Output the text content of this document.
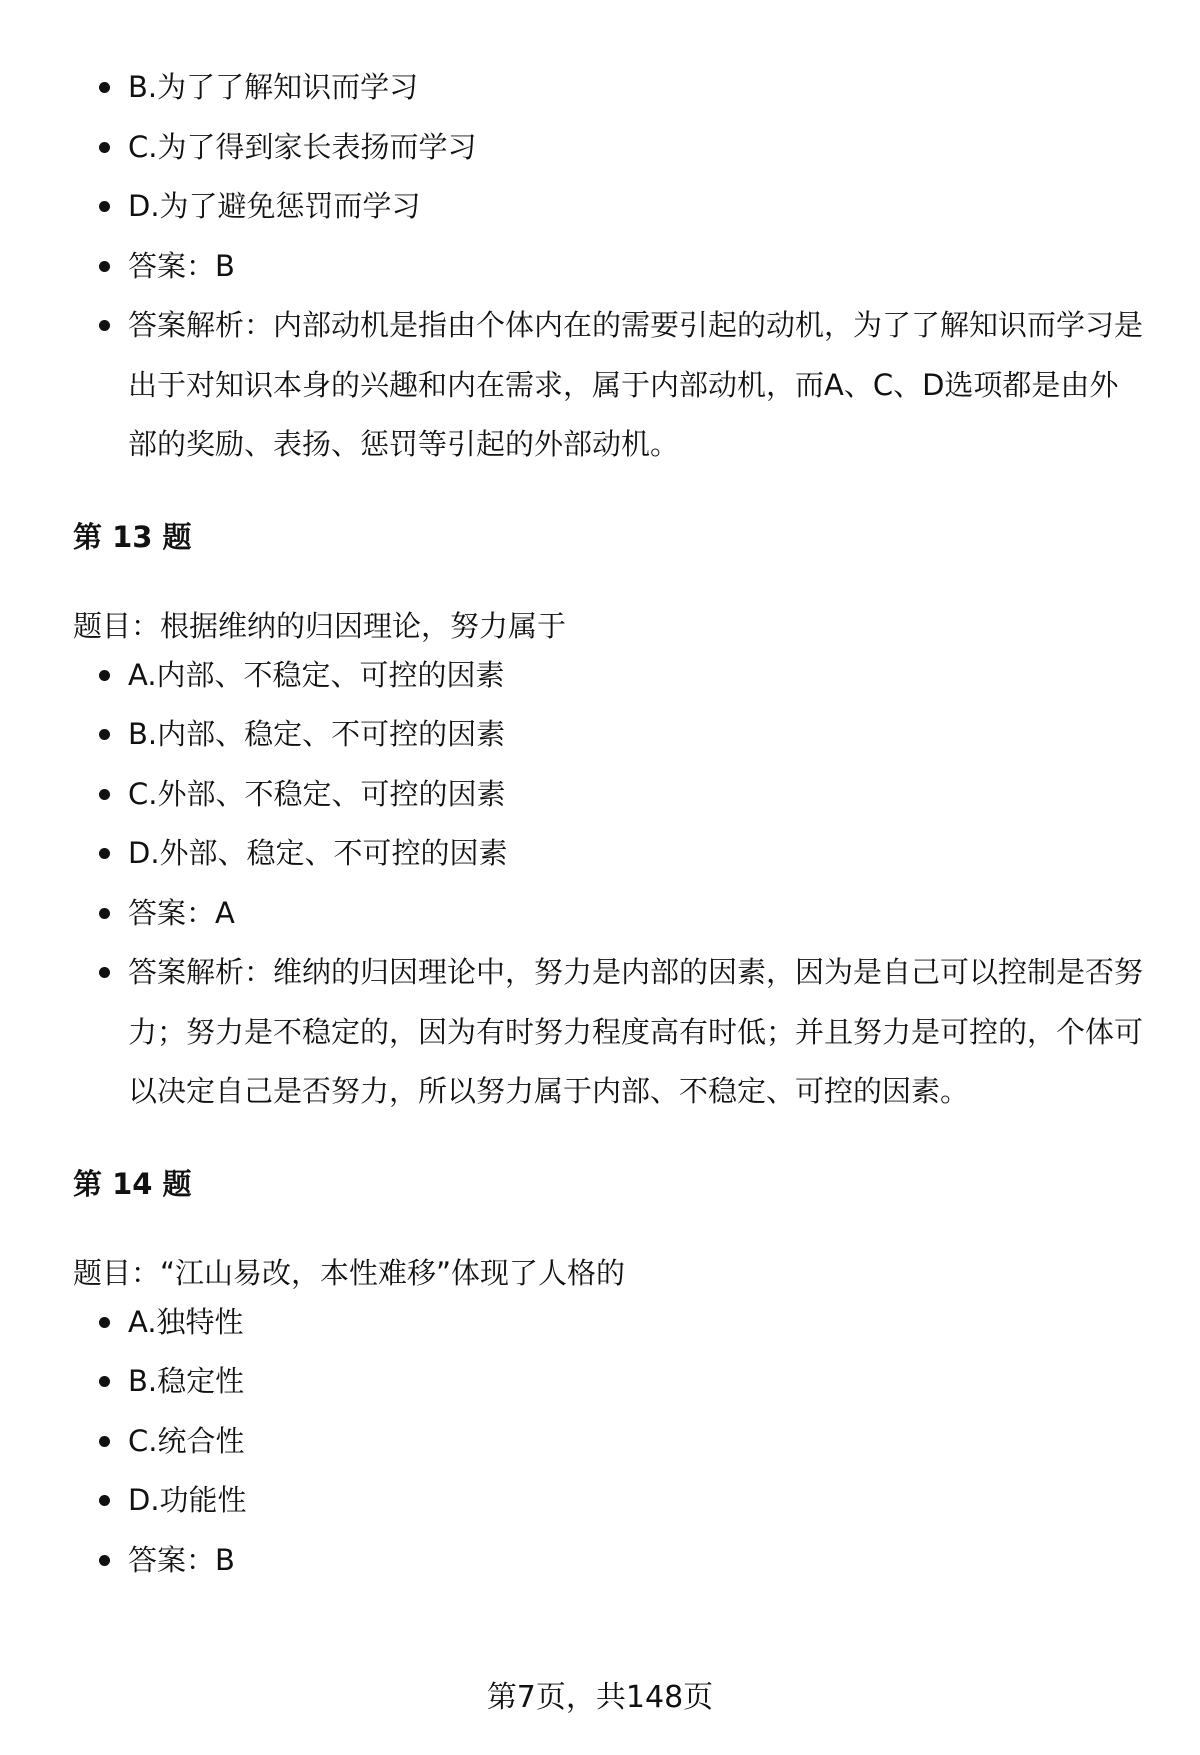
B.为了了解知识而学习
C.为了得到家长表扬而学习
D.为了避免惩罚而学习
答案：B
答案解析：内部动机是指由个体内在的需要引起的动机，为了了解知识而学习是出于对知识本身的兴趣和内在需求，属于内部动机，而A、C、D选项都是由外部的奖励、表扬、惩罚等引起的外部动机。

第 13 题

题目：根据维纳的归因理论，努力属于

A.内部、不稳定、可控的因素
B.内部、稳定、不可控的因素
C.外部、不稳定、可控的因素
D.外部、稳定、不可控的因素
答案：A
答案解析：维纳的归因理论中，努力是内部的因素，因为是自己可以控制是否努力；努力是不稳定的，因为有时努力程度高有时低；并且努力是可控的，个体可以决定自己是否努力，所以努力属于内部、不稳定、可控的因素。

第 14 题

题目：“江山易改，本性难移”体现了人格的

A.独特性
B.稳定性
C.统合性
D.功能性
答案：B
第7页，共148页
